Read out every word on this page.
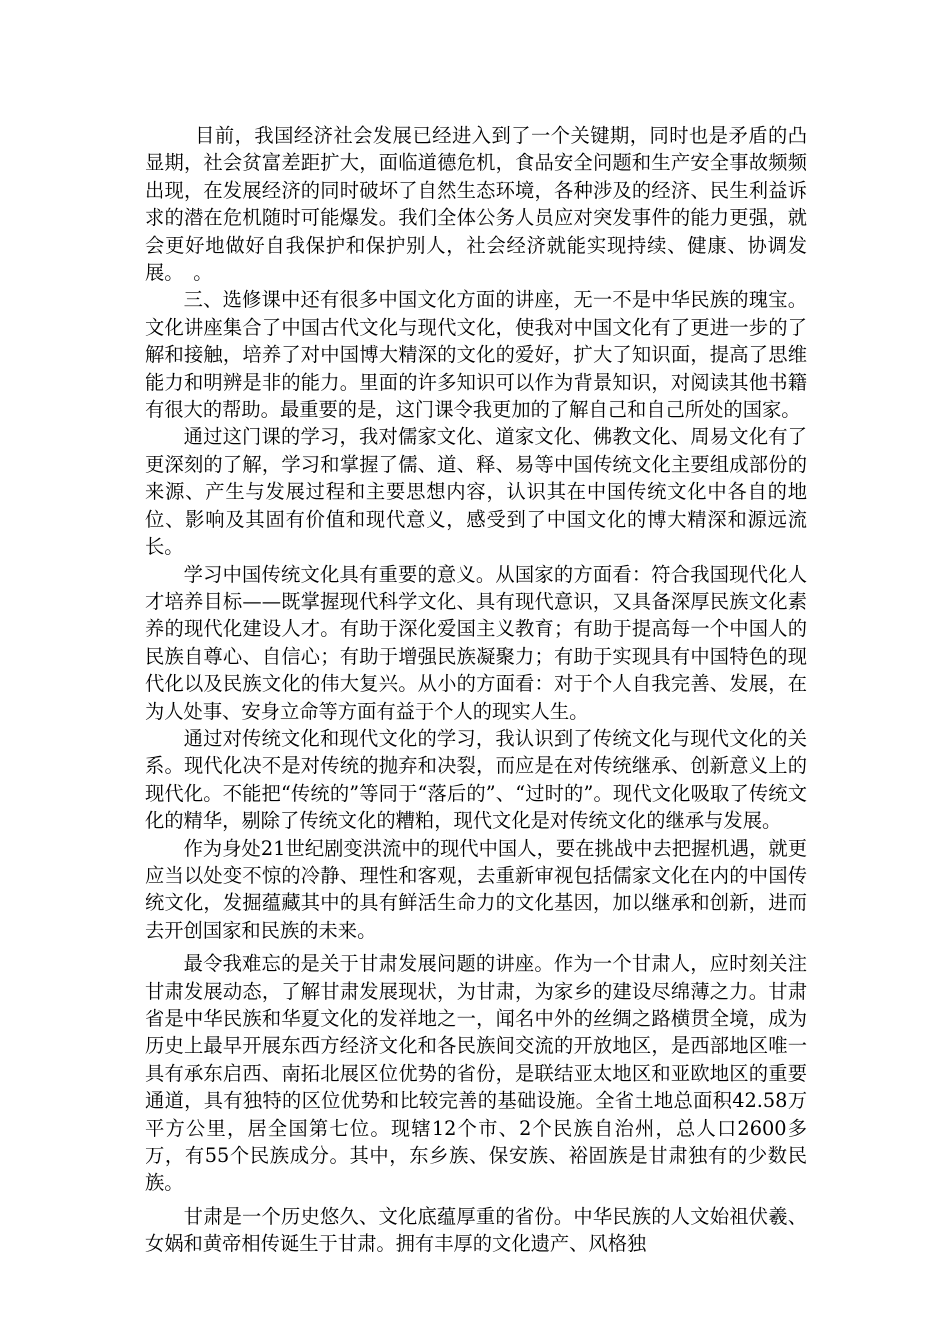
目前，我国经济社会发展已经进入到了一个关键期，同时也是矛盾的凸显期，社会贫富差距扩大，面临道德危机，食品安全问题和生产安全事故频频出现，在发展经济的同时破坏了自然生态环境，各种涉及的经济、民生利益诉求的潜在危机随时可能爆发。我们全体公务人员应对突发事件的能力更强，就会更好地做好自我保护和保护别人，社会经济就能实现持续、健康、协调发展。　。

三、选修课中还有很多中国文化方面的讲座，无一不是中华民族的瑰宝。文化讲座集合了中国古代文化与现代文化，使我对中国文化有了更进一步的了解和接触，培养了对中国博大精深的文化的爱好，扩大了知识面，提高了思维能力和明辨是非的能力。里面的许多知识可以作为背景知识，对阅读其他书籍有很大的帮助。最重要的是，这门课令我更加的了解自己和自己所处的国家。

通过这门课的学习，我对儒家文化、道家文化、佛教文化、周易文化有了更深刻的了解，学习和掌握了儒、道、释、易等中国传统文化主要组成部份的来源、产生与发展过程和主要思想内容，认识其在中国传统文化中各自的地位、影响及其固有价值和现代意义，感受到了中国文化的博大精深和源远流长。

学习中国传统文化具有重要的意义。从国家的方面看：符合我国现代化人才培养目标——既掌握现代科学文化、具有现代意识，又具备深厚民族文化素养的现代化建设人才。有助于深化爱国主义教育；有助于提高每一个中国人的民族自尊心、自信心；有助于增强民族凝聚力；有助于实现具有中国特色的现代化以及民族文化的伟大复兴。从小的方面看：对于个人自我完善、发展，在为人处事、安身立命等方面有益于个人的现实人生。

通过对传统文化和现代文化的学习，我认识到了传统文化与现代文化的关系。现代化决不是对传统的抛弃和决裂，而应是在对传统继承、创新意义上的现代化。不能把“传统的”等同于“落后的”、“过时的”。现代文化吸取了传统文化的精华，剔除了传统文化的糟粕，现代文化是对传统文化的继承与发展。

作为身处21世纪剧变洪流中的现代中国人，要在挑战中去把握机遇，就更应当以处变不惊的冷静、理性和客观，去重新审视包括儒家文化在内的中国传统文化，发掘蕴藏其中的具有鲜活生命力的文化基因，加以继承和创新，进而去开创国家和民族的未来。

最令我难忘的是关于甘肃发展问题的讲座。作为一个甘肃人，应时刻关注甘肃发展动态，了解甘肃发展现状，为甘肃，为家乡的建设尽绵薄之力。甘肃省是中华民族和华夏文化的发祥地之一，闻名中外的丝绸之路横贯全境，成为历史上最早开展东西方经济文化和各民族间交流的开放地区，是西部地区唯一具有承东启西、南拓北展区位优势的省份，是联结亚太地区和亚欧地区的重要通道，具有独特的区位优势和比较完善的基础设施。全省土地总面积42.58万平方公里，居全国第七位。现辖12个市、2个民族自治州，总人口2600多万，有55个民族成分。其中，东乡族、保安族、裕固族是甘肃独有的少数民族。

甘肃是一个历史悠久、文化底蕴厚重的省份。中华民族的人文始祖伏羲、女娲和黄帝相传诞生于甘肃。拥有丰厚的文化遗产、风格独
